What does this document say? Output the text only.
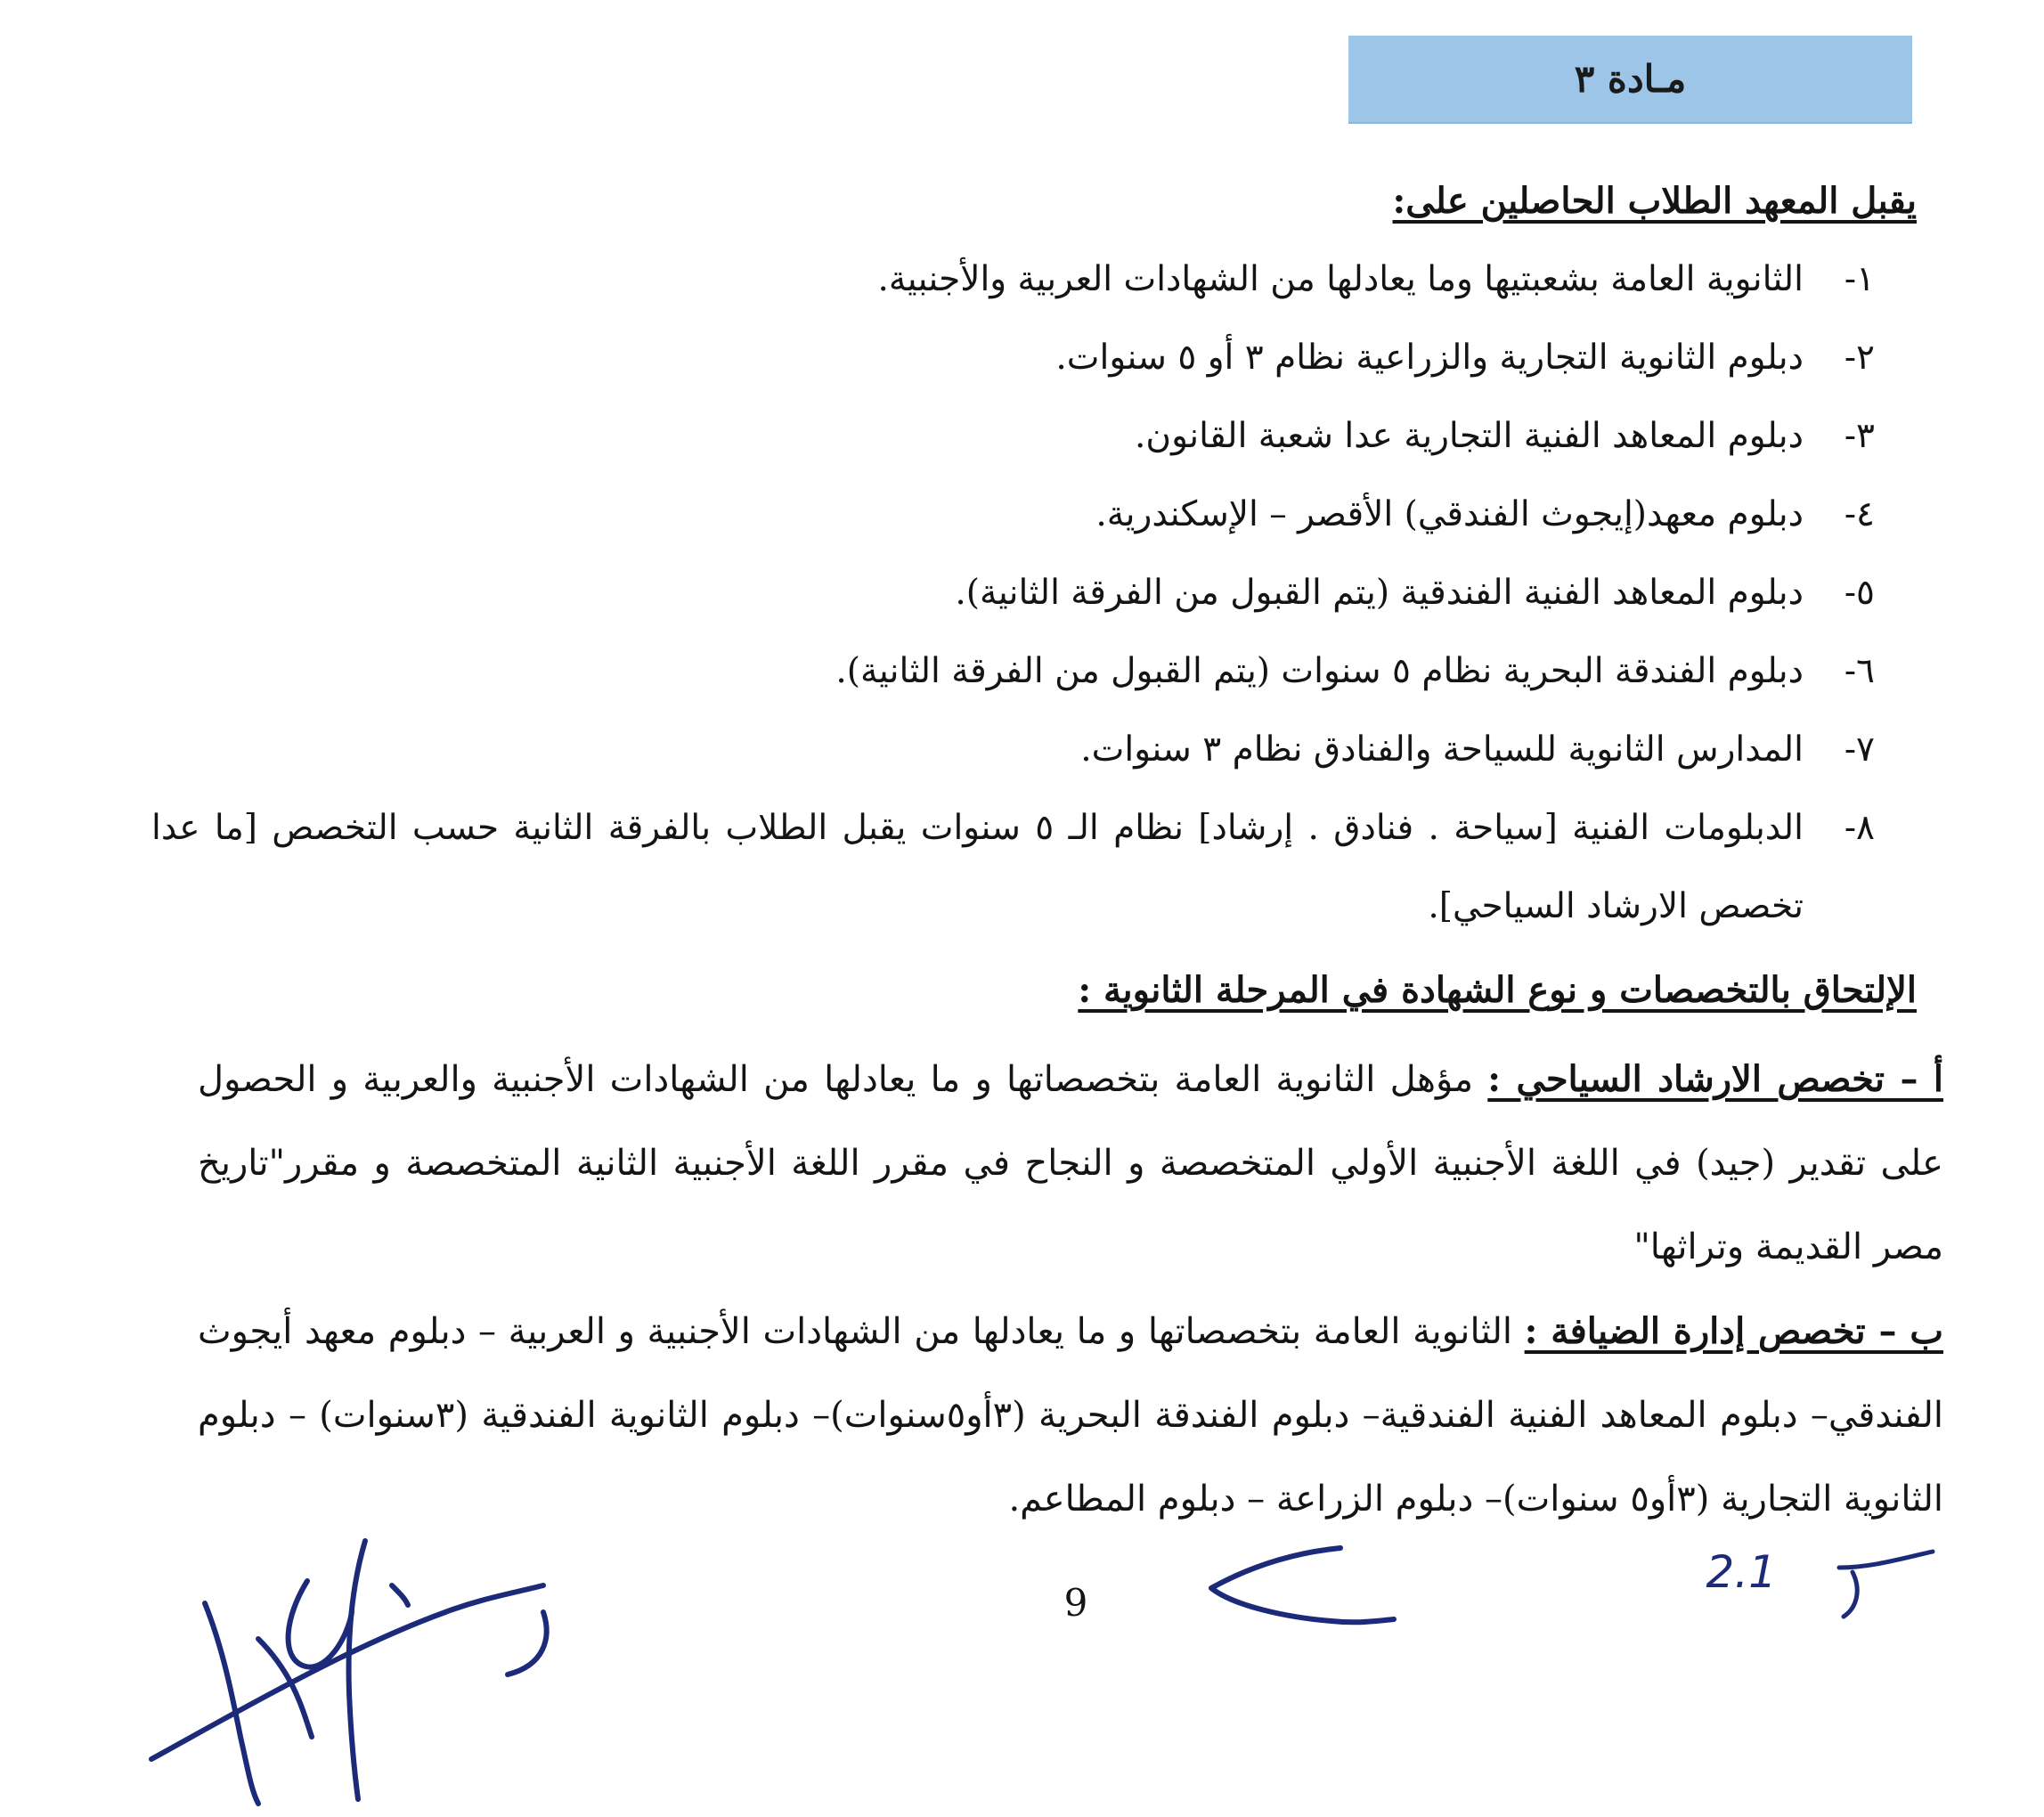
مـادة ٣
يقبل المعهد الطلاب الحاصلين على:
١-
الثانوية العامة بشعبتيها وما يعادلها من الشهادات العربية والأجنبية.
٢-
دبلوم الثانوية التجارية والزراعية نظام ٣ أو ٥ سنوات.
٣-
دبلوم المعاهد الفنية التجارية عدا شعبة القانون.
٤-
دبلوم معهد(إيجوث الفندقي) الأقصر – الإسكندرية.
٥-
دبلوم المعاهد الفنية الفندقية (يتم القبول من الفرقة الثانية).
٦-
دبلوم الفندقة البحرية نظام ٥ سنوات (يتم القبول من الفرقة الثانية).
٧-
المدارس الثانوية للسياحة والفنادق نظام ٣ سنوات.
٨-
الدبلومات الفنية [سياحة . فنادق . إرشاد] نظام الـ ٥ سنوات يقبل الطلاب بالفرقة الثانية حسب التخصص [ما عدا تخصص الارشاد السياحي].
الإلتحاق بالتخصصات و نوع الشهادة في المرحلة الثانوية :
أ – تخصص الارشاد السياحي : مؤهل الثانوية العامة بتخصصاتها و ما يعادلها من الشهادات الأجنبية والعربية و الحصول على تقدير (جيد) في اللغة الأجنبية الأولي المتخصصة و النجاح في مقرر اللغة الأجنبية الثانية المتخصصة و مقرر"تاريخ مصر القديمة وتراثها"
ب – تخصص إدارة الضيافة : الثانوية العامة بتخصصاتها و ما يعادلها من الشهادات الأجنبية و العربية – دبلوم معهد أيجوث الفندقي– دبلوم المعاهد الفنية الفندقية– دبلوم الفندقة البحرية (٣أو٥سنوات)– دبلوم الثانوية الفندقية (٣سنوات) – دبلوم الثانوية التجارية (٣أو٥ سنوات)– دبلوم الزراعة – دبلوم المطاعم.
9
2.1
